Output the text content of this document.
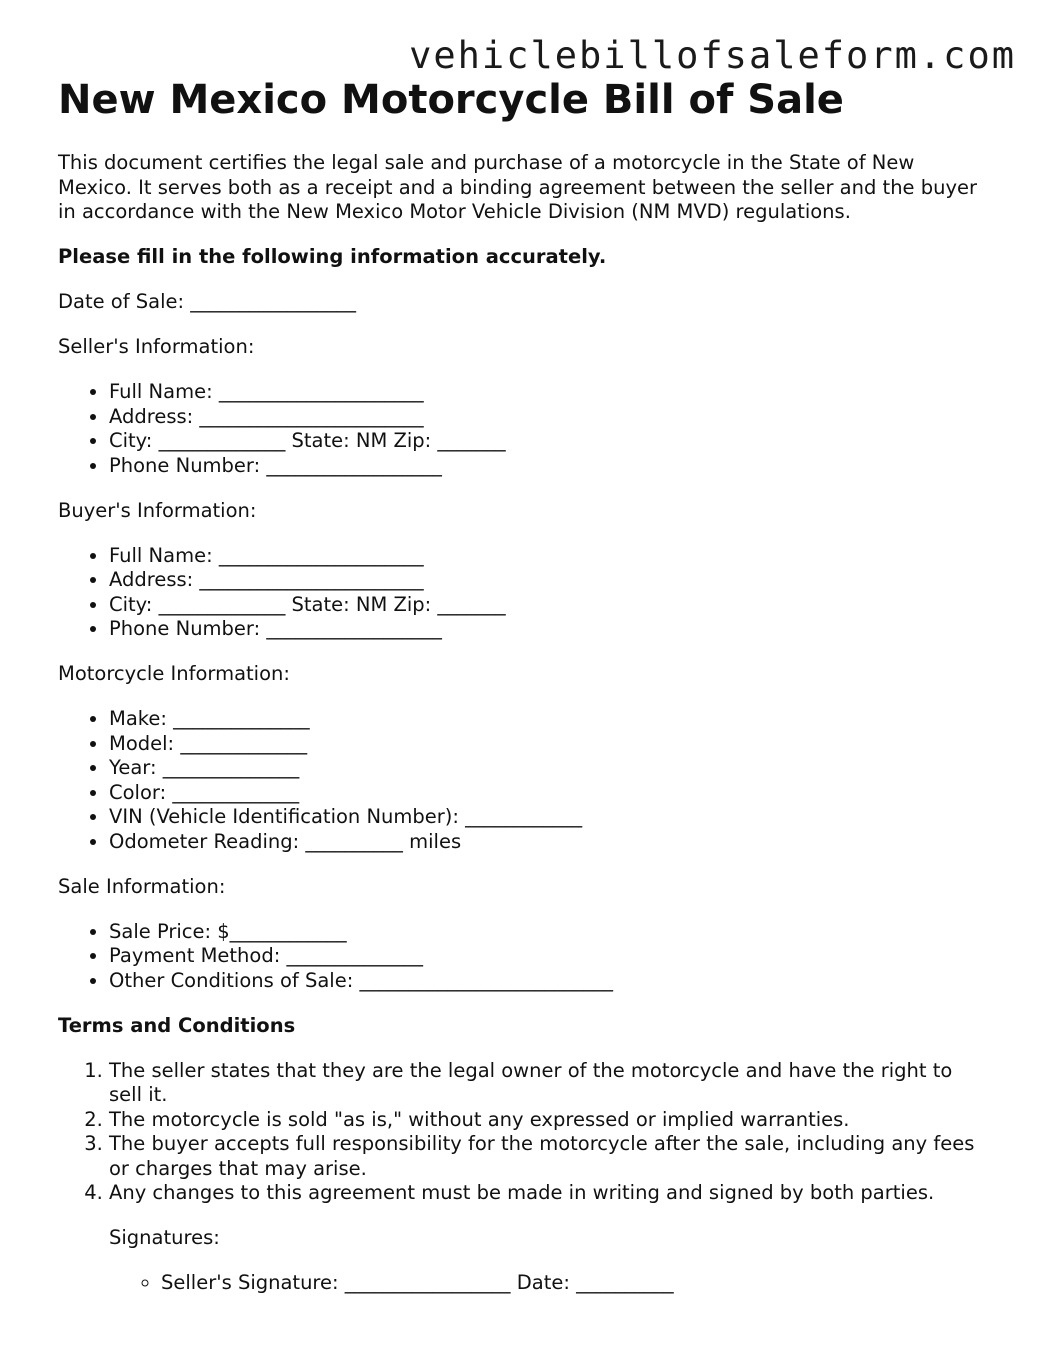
vehiclebillofsaleform.com
New Mexico Motorcycle Bill of Sale

This document certifies the legal sale and purchase of a motorcycle in the State of New Mexico. It serves both as a receipt and a binding agreement between the seller and the buyer in accordance with the New Mexico Motor Vehicle Division (NM MVD) regulations.

Please fill in the following information accurately.

Date of Sale: _________________

Seller's Information:

• Full Name: _____________________
• Address: _______________________
• City: _____________ State: NM Zip: _______
• Phone Number: __________________

Buyer's Information:

• Full Name: _____________________
• Address: _______________________
• City: _____________ State: NM Zip: _______
• Phone Number: __________________

Motorcycle Information:

• Make: ______________
• Model: _____________
• Year: ______________
• Color: _____________
• VIN (Vehicle Identification Number): ____________
• Odometer Reading: __________ miles

Sale Information:

• Sale Price: $____________
• Payment Method: ______________
• Other Conditions of Sale: __________________________

Terms and Conditions

1. The seller states that they are the legal owner of the motorcycle and have the right to sell it.
2. The motorcycle is sold "as is," without any expressed or implied warranties.
3. The buyer accepts full responsibility for the motorcycle after the sale, including any fees or charges that may arise.
4. Any changes to this agreement must be made in writing and signed by both parties.
Signatures:
◦ Seller's Signature: _________________ Date: __________
